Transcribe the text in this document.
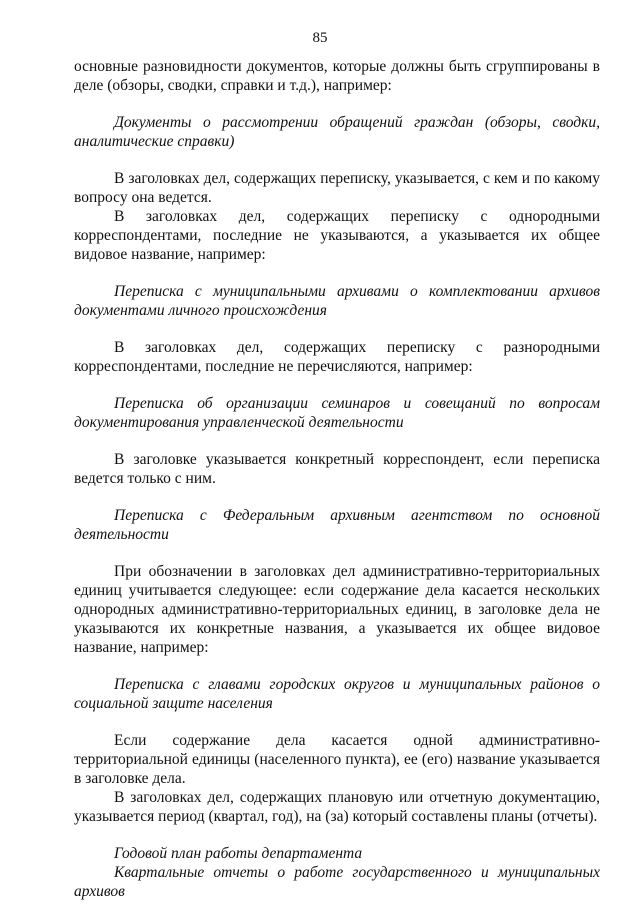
85

основные разновидности документов, которые должны быть сгруппированы в деле (обзоры, сводки, справки и т.д.), например:

Документы о рассмотрении обращений граждан (обзоры, сводки, аналитические справки)

В заголовках дел, содержащих переписку, указывается, с кем и по какому вопросу она ведется.

В заголовках дел, содержащих переписку с однородными корреспондентами, последние не указываются, а указывается их общее видовое название, например:

Переписка с муниципальными архивами о комплектовании архивов документами личного происхождения

В заголовках дел, содержащих переписку с разнородными корреспондентами, последние не перечисляются, например:

Переписка об организации семинаров и совещаний по вопросам документирования управленческой деятельности

В заголовке указывается конкретный корреспондент, если переписка ведется только с ним.

Переписка с Федеральным архивным агентством по основной деятельности

При обозначении в заголовках дел административно-территориальных единиц учитывается следующее: если содержание дела касается нескольких однородных административно-территориальных единиц, в заголовке дела не указываются их конкретные названия, а указывается их общее видовое название, например:

Переписка с главами городских округов и муниципальных районов о социальной защите населения

Если содержание дела касается одной административно-территориальной единицы (населенного пункта), ее (его) название указывается в заголовке дела.

В заголовках дел, содержащих плановую или отчетную документацию, указывается период (квартал, год), на (за) который составлены планы (отчеты).

Годовой план работы департамента

Квартальные отчеты о работе государственного и муниципальных архивов
